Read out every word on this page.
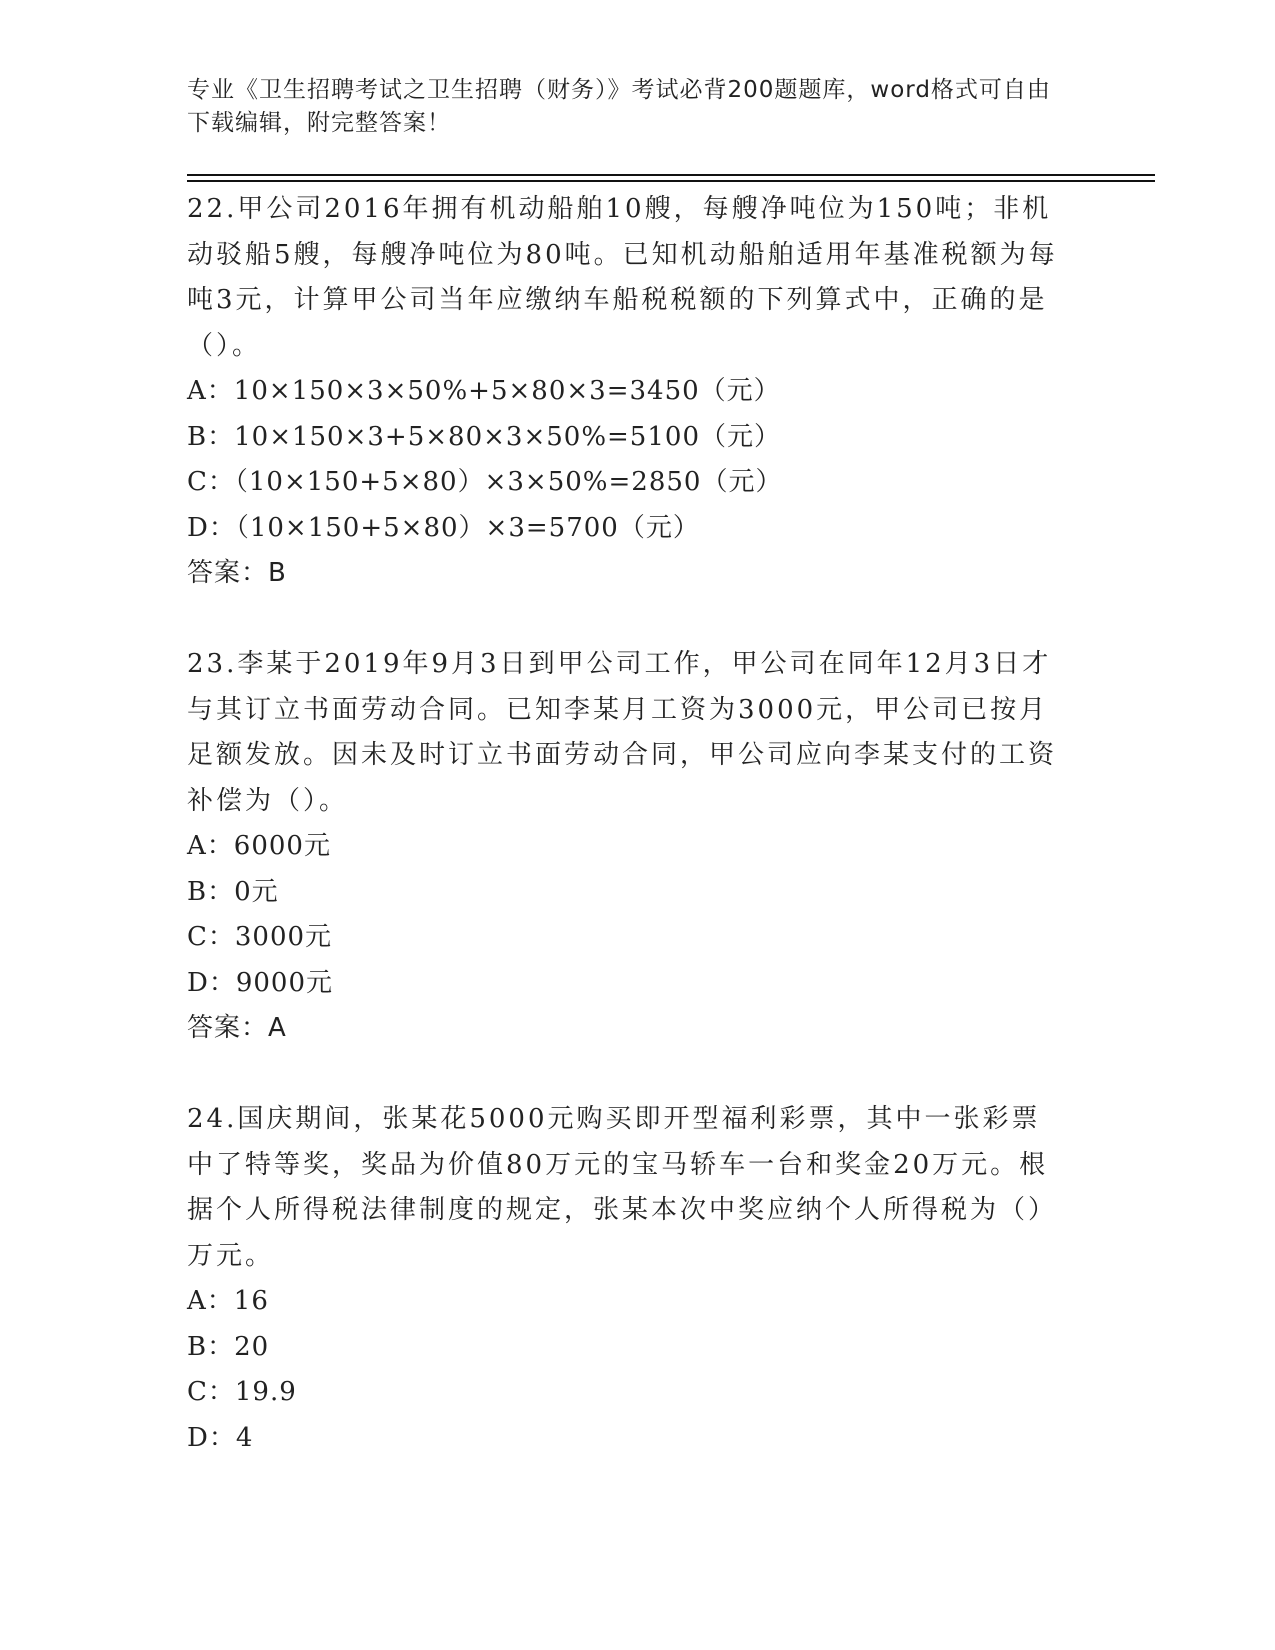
专业《卫生招聘考试之卫生招聘（财务）》考试必背200题题库，word格式可自由下载编辑，附完整答案！

22.甲公司2016年拥有机动船舶10艘，每艘净吨位为150吨；非机动驳船5艘，每艘净吨位为80吨。已知机动船舶适用年基准税额为每吨3元，计算甲公司当年应缴纳车船税税额的下列算式中，正确的是（）。

A：10×150×3×50%+5×80×3=3450（元）

B：10×150×3+5×80×3×50%=5100（元）

C：（10×150+5×80）×3×50%=2850（元）

D：（10×150+5×80）×3=5700（元）

答案：B

23.李某于2019年9月3日到甲公司工作，甲公司在同年12月3日才与其订立书面劳动合同。已知李某月工资为3000元，甲公司已按月足额发放。因未及时订立书面劳动合同，甲公司应向李某支付的工资补偿为（）。

A：6000元

B：0元

C：3000元

D：9000元

答案：A

24.国庆期间，张某花5000元购买即开型福利彩票，其中一张彩票中了特等奖，奖品为价值80万元的宝马轿车一台和奖金20万元。根据个人所得税法律制度的规定，张某本次中奖应纳个人所得税为（）万元。

A：16

B：20

C：19.9

D：4
